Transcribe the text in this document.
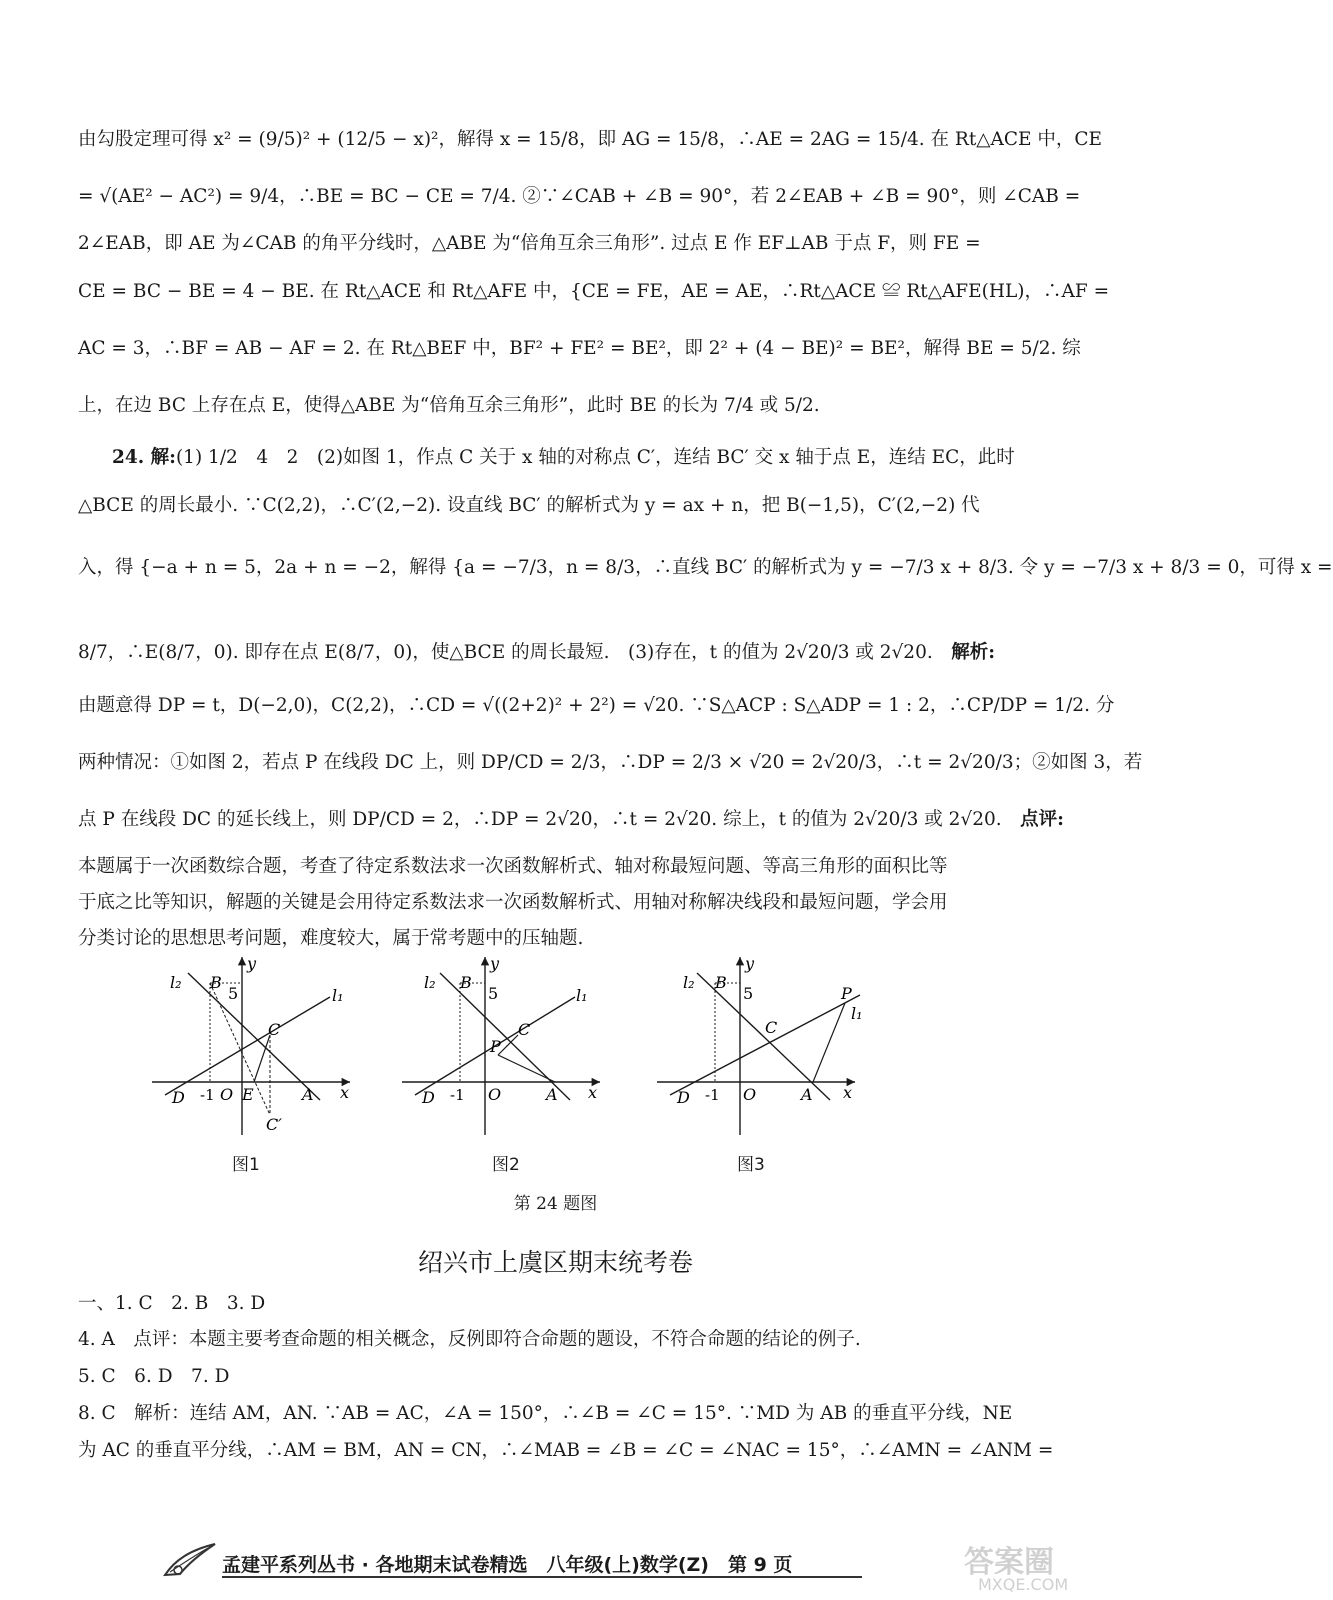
由勾股定理可得 x² = (9/5)² + (12/5 − x)²，解得 x = 15/8，即 AG = 15/8，∴AE = 2AG = 15/4. 在 Rt△ACE 中，CE
= √(AE² − AC²) = 9/4，∴BE = BC − CE = 7/4. ②∵∠CAB + ∠B = 90°，若 2∠EAB + ∠B = 90°，则 ∠CAB =
2∠EAB，即 AE 为∠CAB 的角平分线时，△ABE 为“倍角互余三角形”. 过点 E 作 EF⊥AB 于点 F，则 FE =
CE = BC − BE = 4 − BE. 在 Rt△ACE 和 Rt△AFE 中，{CE = FE，AE = AE，∴Rt△ACE ≌ Rt△AFE(HL)，∴AF =
AC = 3，∴BF = AB − AF = 2. 在 Rt△BEF 中，BF² + FE² = BE²，即 2² + (4 − BE)² = BE²，解得 BE = 5/2. 综
上，在边 BC 上存在点 E，使得△ABE 为“倍角互余三角形”，此时 BE 的长为 7/4 或 5/2.
24. 解:(1) 1/2　4　2　(2)如图 1，作点 C 关于 x 轴的对称点 C′，连结 BC′ 交 x 轴于点 E，连结 EC，此时
△BCE 的周长最小. ∵C(2,2)，∴C′(2,−2). 设直线 BC′ 的解析式为 y = ax + n，把 B(−1,5)，C′(2,−2) 代
入，得 {−a + n = 5，2a + n = −2，解得 {a = −7/3，n = 8/3，∴直线 BC′ 的解析式为 y = −7/3 x + 8/3. 令 y = −7/3 x + 8/3 = 0，可得 x =
8/7，∴E(8/7，0). 即存在点 E(8/7，0)，使△BCE 的周长最短.　(3)存在，t 的值为 2√20/3 或 2√20.　 解析:
由题意得 DP = t，D(−2,0)，C(2,2)，∴CD = √((2+2)² + 2²) = √20. ∵S△ACP : S△ADP = 1 : 2，∴CP/DP = 1/2. 分
两种情况：①如图 2，若点 P 在线段 DC 上，则 DP/CD = 2/3，∴DP = 2/3 × √20 = 2√20/3，∴t = 2√20/3；②如图 3，若
点 P 在线段 DC 的延长线上，则 DP/CD = 2，∴DP = 2√20，∴t = 2√20. 综上，t 的值为 2√20/3 或 2√20.　 点评:
本题属于一次函数综合题，考查了待定系数法求一次函数解析式、轴对称最短问题、等高三角形的面积比等
于底之比等知识，解题的关键是会用待定系数法求一次函数解析式、用轴对称解决线段和最短问题，学会用
分类讨论的思想思考问题，难度较大，属于常考题中的压轴题.
l₂ B
y
5	l₁
C
D -1 O E	A x
C′
图1
l₂ B
y
5	l₁
C
P
D -1 O	A x
图2
l₂ B
y
5	P
l₁
C
D -1 O	A x
图3
第 24 题图
绍兴市上虞区期末统考卷
一、1. C　2. B　3. D
4. A　点评：本题主要考查命题的相关概念，反例即符合命题的题设，不符合命题的结论的例子.
5. C　6. D　7. D
8. C　解析：连结 AM，AN. ∵AB = AC，∠A = 150°，∴∠B = ∠C = 15°. ∵MD 为 AB 的垂直平分线，NE
为 AC 的垂直平分线，∴AM = BM，AN = CN，∴∠MAB = ∠B = ∠C = ∠NAC = 15°，∴∠AMN = ∠ANM =
孟建平系列丛书 · 各地期末试卷精选　八年级(上)数学(Z)　第 9 页	答案圈
MXQE.COM
